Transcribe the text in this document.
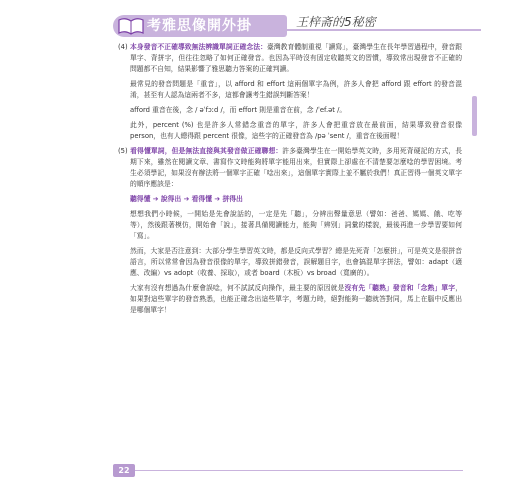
考雅思像開外掛	王梓斋的5秘密

(4) 本身發音不正確導致無法辨識單詞正確念法：臺灣教育體制重視「讀寫」，臺灣學生在長年學習過程中，發音跟單字、背拼字，但往往忽略了如何正確發音。也因為平時沒有固定收聽英文的習慣，導致常出現發音不正確的問題都不自知，結果影響了雅思聽力答案的正確判讀。

最常見的發音問題是「重音」，以 afford 和 effort 這兩個單字為例，許多人會把 afford 跟 effort 的發音混淆，甚至有人認為這兩者不多，這都會讓考生錯誤判斷答案！

afford 重音在後，念 / əˈfɔːd /，而 effort 則是重音在前，念 /ˈef.ət /。

此外，percent (%) 也是許多人常錯念重音的單字，許多人會把重音放在最前面，結果導致發音很像 person，也有人總得跟 percent 很像，這些字的正確發音為 /pə ˈsent /，重音在後面喔！

(5) 看得懂單詞，但是無法直接與其發音做正確聯想：許多臺灣學生在一開始學英文時，多用死背硬記的方式，長期下來，雖然在閱讀文章、書寫作文時能夠將單字能用出來，但實際上卻處在不清楚要怎麼唸的學習困境。考生必須學記，如果沒有辦法將一個單字正確「唸出來」，這個單字實際上並不屬於我們！真正習得一個英文單字的順序應該是：

聽得懂 ➔ 說得出 ➔ 看得懂 ➔ 拼得出

想想我們小時候，一開始是先會說話的，一定是先「聽」，分辨出聲量意思（譬如：爸爸、媽媽、餓、吃等等），然後跟著模仿，開始會「說」，接著具備閱讀能力，能夠「辨別」詞彙的樣貌，最後再進一步學習要如何「寫」。

然而，大家是否注意到：大部分學生學習英文時，都是反向式學習？總是先死背「怎麼拼」，可是英文是很拼音語言，所以常常會因為發音很像的單字，導致拼錯發音，誤解題目字，也會搞混單字拼法，譬如：adapt（適應、改編）vs adopt（收養、採取），或者 board（木板）vs broad（寬廣的）。

大家有沒有想過為什麼會誤唸，何不試試反向操作，最主要的原因就是沒有先「聽熟」發音和「念熟」單字，如果對這些單字的發音熟悉，也能正確念出這些單字，考題力時，絕對能夠一聽就答對同，馬上在腦中反應出是哪個單字！

22
